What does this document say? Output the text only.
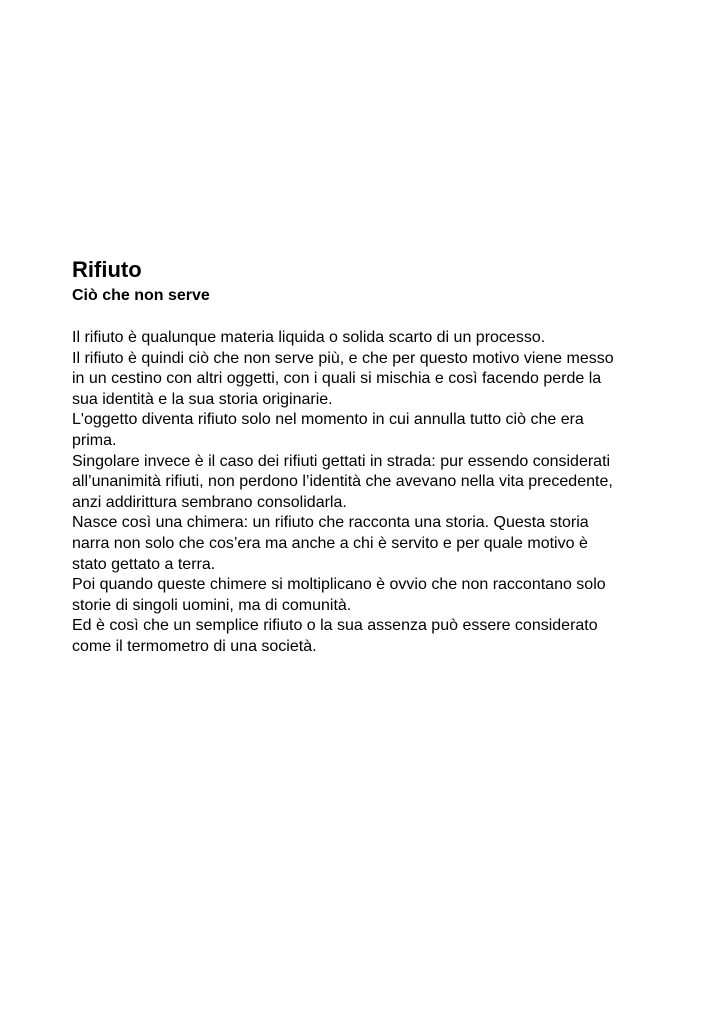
Rifiuto
Ciò che non serve
Il rifiuto è qualunque materia liquida o solida scarto di un processo.
Il rifiuto è quindi ciò che non serve più, e che per questo motivo viene messo
in un cestino con altri oggetti, con i quali si mischia e così facendo perde la
sua identità e la sua storia originarie.
L'oggetto diventa rifiuto solo nel momento in cui annulla tutto ciò che era
prima.
Singolare invece è il caso dei rifiuti gettati in strada: pur essendo considerati
all’unanimità rifiuti, non perdono l’identità che avevano nella vita precedente,
anzi addirittura sembrano consolidarla.
Nasce così una chimera: un rifiuto che racconta una storia. Questa storia
narra non solo che cos’era ma anche a chi è servito e per quale motivo è
stato gettato a terra.
Poi quando queste chimere si moltiplicano è ovvio che non raccontano solo
storie di singoli uomini, ma di comunità.
Ed è così che un semplice rifiuto o la sua assenza può essere considerato
come il termometro di una società.
